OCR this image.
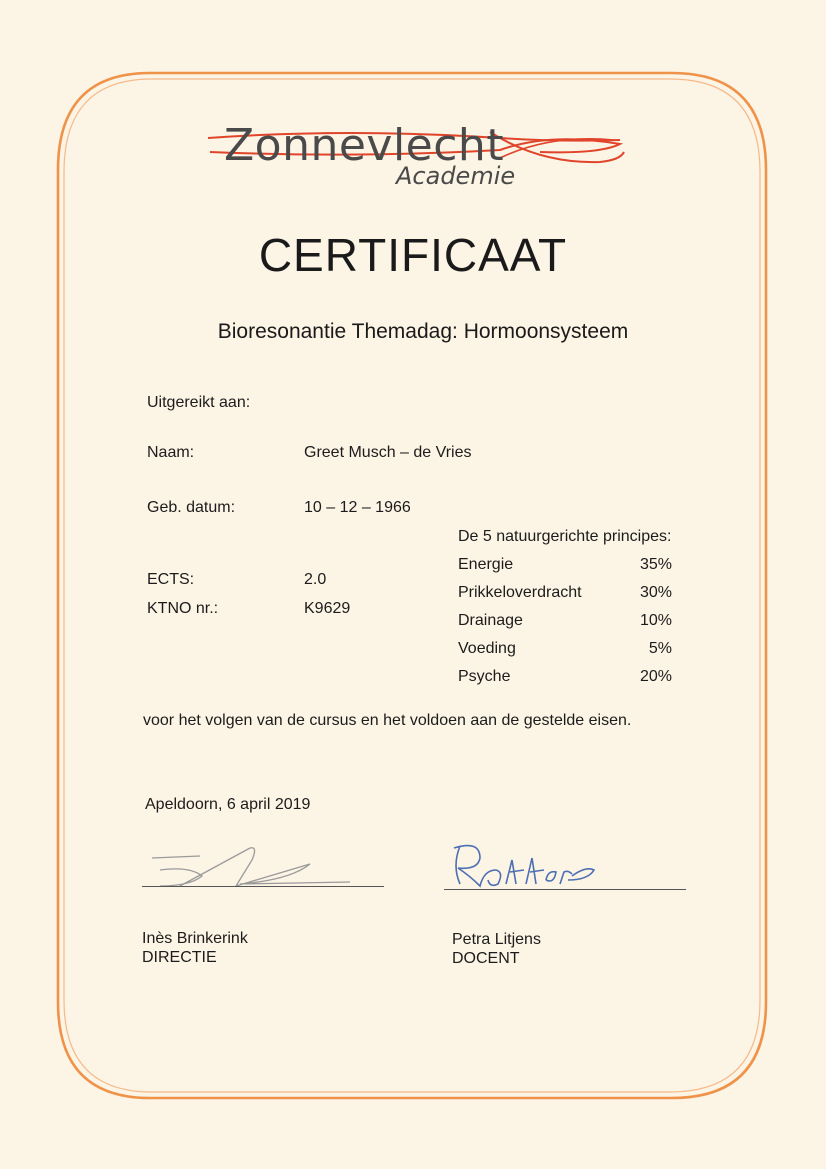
Zonnevlecht
Academie
CERTIFICAAT
Bioresonantie Themadag: Hormoonsysteem
Uitgereikt aan:
Naam:	Greet Musch – de Vries
Geb. datum:	10 – 12 – 1966
ECTS:	2.0
KTNO nr.:	K9629
De 5 natuurgerichte principes:
Energie	35%
Prikkeloverdracht	30%
Drainage	10%
Voeding	5%
Psyche	20%
voor het volgen van de cursus en het voldoen aan de gestelde eisen.
Apeldoorn, 6 april 2019
Inès Brinkerink
DIRECTIE
Petra Litjens
DOCENT
